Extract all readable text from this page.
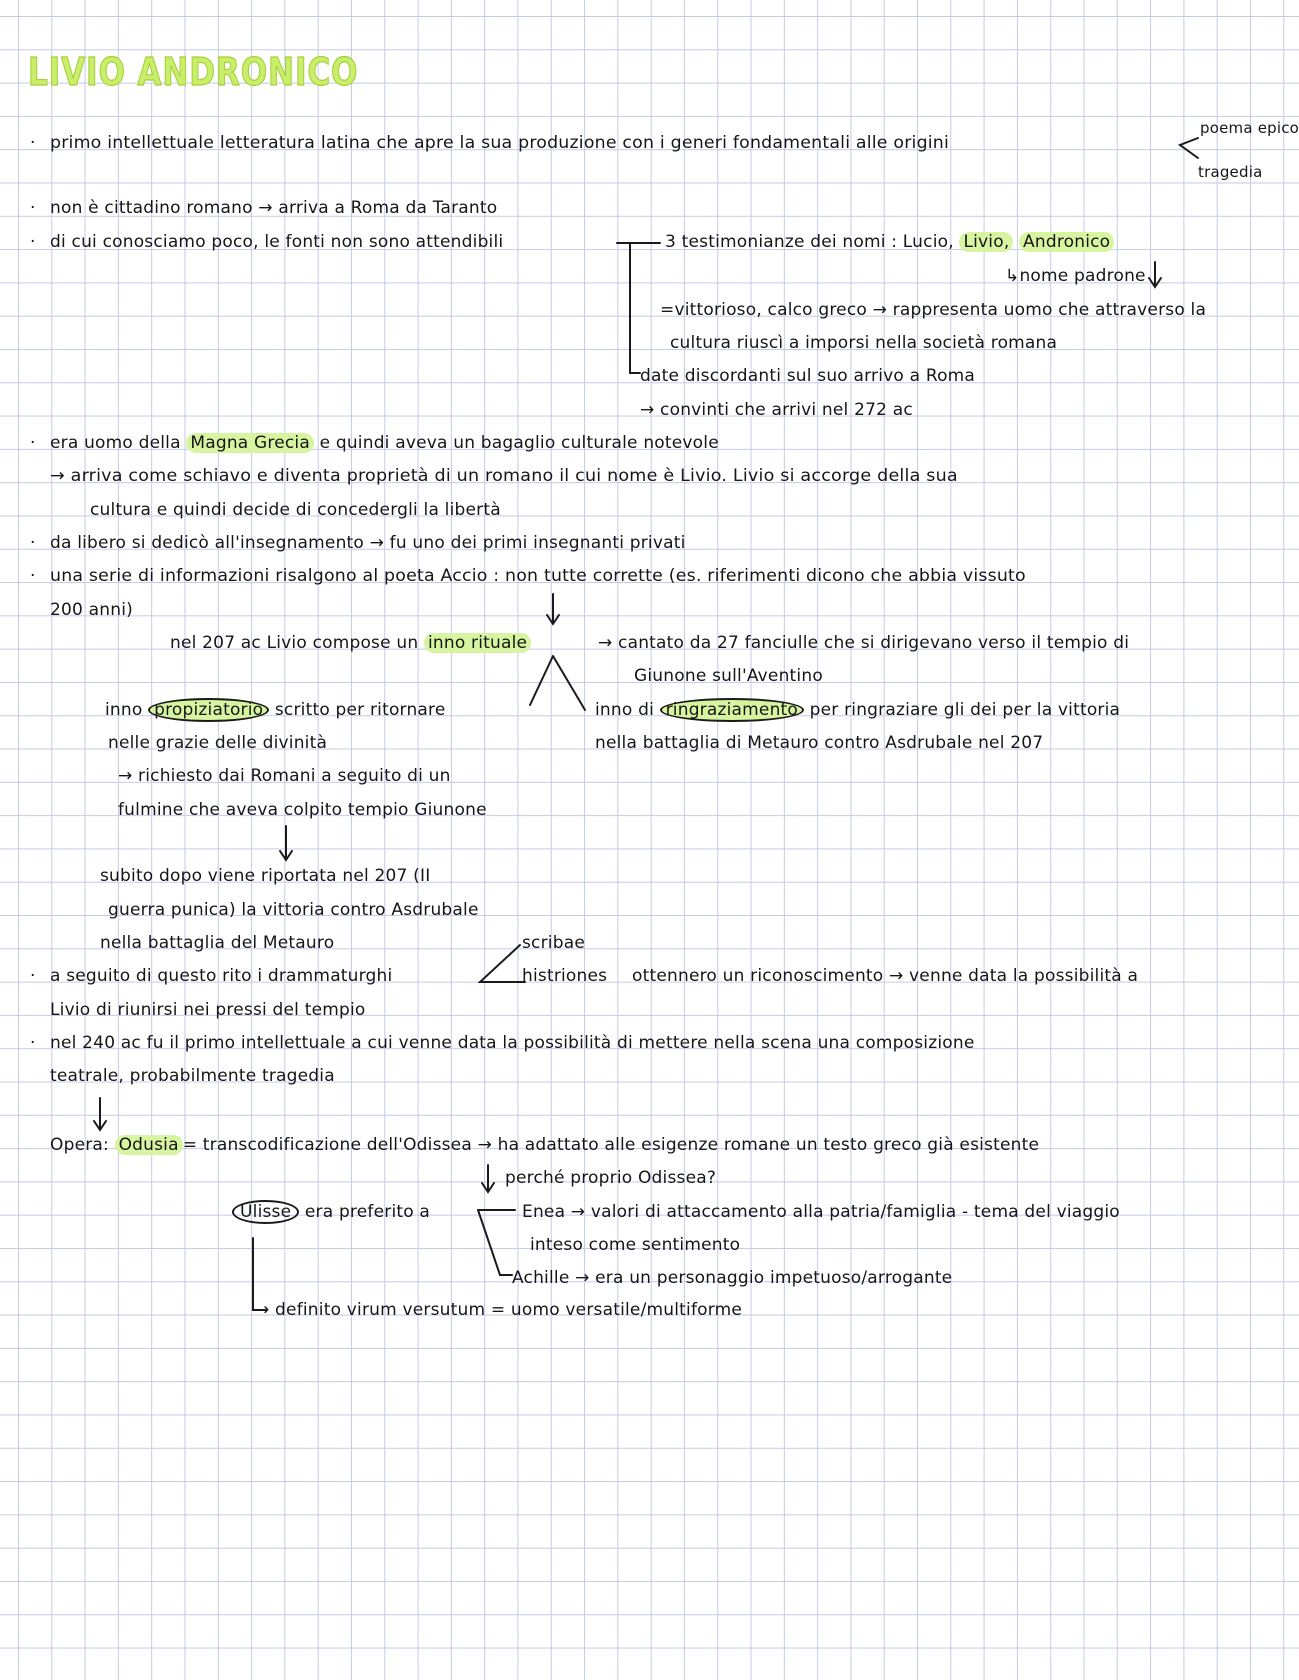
LIVIO ANDRONICO
· primo intellettuale letteratura latina che apre la sua produzione con i generi fondamentali alle origini
poema epico
tragedia
· non è cittadino romano → arriva a Roma da Taranto
· di cui conosciamo poco, le fonti non sono attendibili	3 testimonianze dei nomi : Lucio, Livio, Andronico
↳nome padrone
=vittorioso, calco greco → rappresenta uomo che attraverso la
cultura riuscì a imporsi nella società romana
date discordanti sul suo arrivo a Roma
→ convinti che arrivi nel 272 ac
· era uomo della Magna Grecia e quindi aveva un bagaglio culturale notevole
→ arriva come schiavo e diventa proprietà di un romano il cui nome è Livio. Livio si accorge della sua
cultura e quindi decide di concedergli la libertà
· da libero si dedicò all'insegnamento → fu uno dei primi insegnanti privati
· una serie di informazioni risalgono al poeta Accio : non tutte corrette (es. riferimenti dicono che abbia vissuto
200 anni)
nel 207 ac Livio compose un inno rituale	→ cantato da 27 fanciulle che si dirigevano verso il tempio di
Giunone sull'Aventino
inno propiziatorio scritto per ritornare
nelle grazie delle divinità
→ richiesto dai Romani a seguito di un
fulmine che aveva colpito tempio Giunone
inno di ringraziamento per ringraziare gli dei per la vittoria
nella battaglia di Metauro contro Asdrubale nel 207
subito dopo viene riportata nel 207 (II
guerra punica) la vittoria contro Asdrubale
nella battaglia del Metauro	scribae
· a seguito di questo rito i drammaturghi	histriones ottennero un riconoscimento → venne data la possibilità a
Livio di riunirsi nei pressi del tempio
· nel 240 ac fu il primo intellettuale a cui venne data la possibilità di mettere nella scena una composizione
teatrale, probabilmente tragedia
Opera: Odusia = transcodificazione dell'Odissea → ha adattato alle esigenze romane un testo greco già esistente
perché proprio Odissea?
Ulisse era preferito a	Enea → valori di attaccamento alla patria/famiglia - tema del viaggio
inteso come sentimento
Achille → era un personaggio impetuoso/arrogante
→ definito virum versutum = uomo versatile/multiforme
